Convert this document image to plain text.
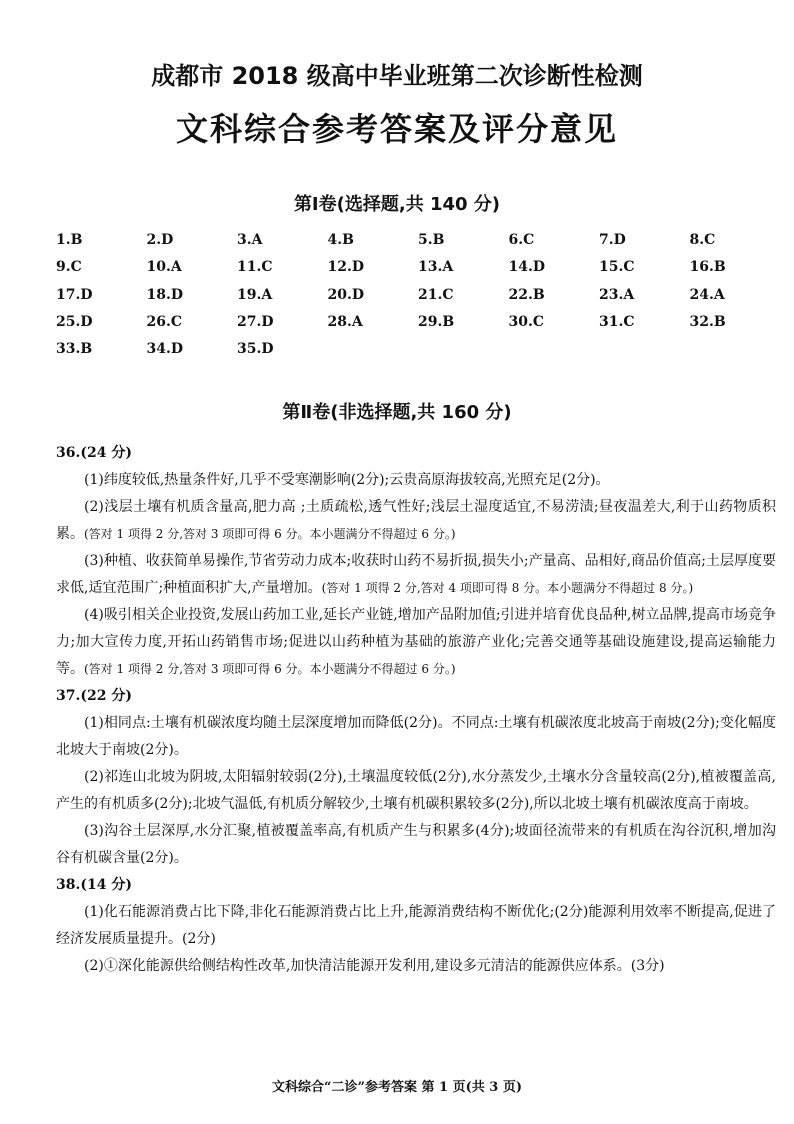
成都市 2018 级高中毕业班第二次诊断性检测
文科综合参考答案及评分意见
第Ⅰ卷(选择题,共 140 分)
1.B	2.D	3.A	4.B	5.B	6.C	7.D	8.C
9.C	10.A	11.C	12.D	13.A	14.D	15.C	16.B
17.D	18.D	19.A	20.D	21.C	22.B	23.A	24.A
25.D	26.C	27.D	28.A	29.B	30.C	31.C	32.B
33.B	34.D	35.D
第Ⅱ卷(非选择题,共 160 分)
36.(24 分)

(1)纬度较低,热量条件好,几乎不受寒潮影响(2分);云贵高原海拔较高,光照充足(2分)。

(2)浅层土壤有机质含量高,肥力高 ;土质疏松,透气性好;浅层土湿度适宜,不易涝渍;昼夜温差大,利于山药物质积累。(答对 1 项得 2 分,答对 3 项即可得 6 分。本小题满分不得超过 6 分。)

(3)种植、收获简单易操作,节省劳动力成本;收获时山药不易折损,损失小;产量高、品相好,商品价值高;土层厚度要求低,适宜范围广;种植面积扩大,产量增加。(答对 1 项得 2 分,答对 4 项即可得 8 分。本小题满分不得超过 8 分。)

(4)吸引相关企业投资,发展山药加工业,延长产业链,增加产品附加值;引进并培育优良品种,树立品牌,提高市场竞争力;加大宣传力度,开拓山药销售市场;促进以山药种植为基础的旅游产业化;完善交通等基础设施建设,提高运输能力等。(答对 1 项得 2 分,答对 3 项即可得 6 分。本小题满分不得超过 6 分。)

37.(22 分)

(1)相同点:土壤有机碳浓度均随土层深度增加而降低(2分)。不同点:土壤有机碳浓度北坡高于南坡(2分);变化幅度北坡大于南坡(2分)。

(2)祁连山北坡为阴坡,太阳辐射较弱(2分),土壤温度较低(2分),水分蒸发少,土壤水分含量较高(2分),植被覆盖高,产生的有机质多(2分);北坡气温低,有机质分解较少,土壤有机碳积累较多(2分),所以北坡土壤有机碳浓度高于南坡。

(3)沟谷土层深厚,水分汇聚,植被覆盖率高,有机质产生与积累多(4分);坡面径流带来的有机质在沟谷沉积,增加沟谷有机碳含量(2分)。

38.(14 分)

(1)化石能源消费占比下降,非化石能源消费占比上升,能源消费结构不断优化;(2分)能源利用效率不断提高,促进了经济发展质量提升。(2分)

(2)①深化能源供给侧结构性改革,加快清洁能源开发利用,建设多元清洁的能源供应体系。(3分)

文科综合“二诊”参考答案 第 1 页(共 3 页)
